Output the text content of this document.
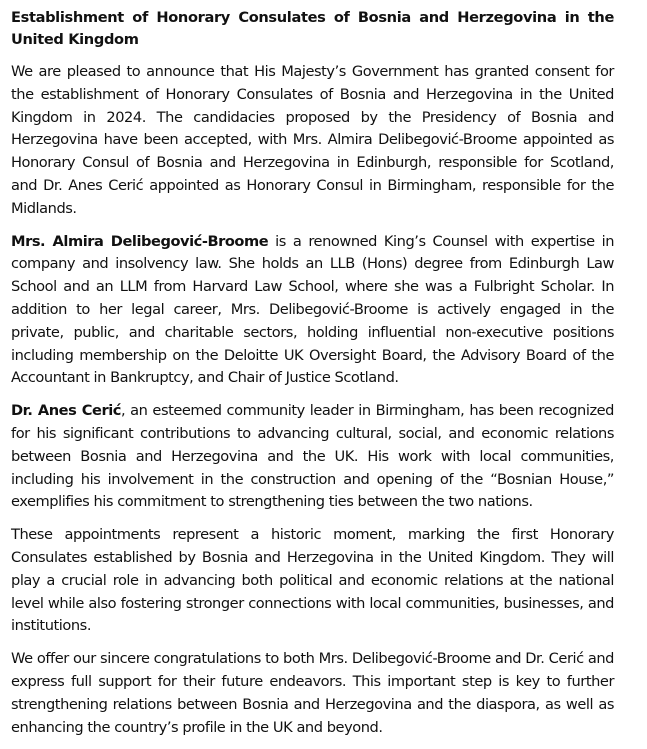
Establishment of Honorary Consulates of Bosnia and Herzegovina in the United Kingdom

We are pleased to announce that His Majesty’s Government has granted consent for the establishment of Honorary Consulates of Bosnia and Herzegovina in the United Kingdom in 2024. The candidacies proposed by the Presidency of Bosnia and Herzegovina have been accepted, with Mrs. Almira Delibegović-Broome appointed as Honorary Consul of Bosnia and Herzegovina in Edinburgh, responsible for Scotland, and Dr. Anes Cerić appointed as Honorary Consul in Birmingham, responsible for the Midlands.

Mrs. Almira Delibegović-Broome is a renowned King’s Counsel with expertise in company and insolvency law. She holds an LLB (Hons) degree from Edinburgh Law School and an LLM from Harvard Law School, where she was a Fulbright Scholar. In addition to her legal career, Mrs. Delibegović-Broome is actively engaged in the private, public, and charitable sectors, holding influential non-executive positions including membership on the Deloitte UK Oversight Board, the Advisory Board of the Accountant in Bankruptcy, and Chair of Justice Scotland.

Dr. Anes Cerić, an esteemed community leader in Birmingham, has been recognized for his significant contributions to advancing cultural, social, and economic relations between Bosnia and Herzegovina and the UK. His work with local communities, including his involvement in the construction and opening of the “Bosnian House,” exemplifies his commitment to strengthening ties between the two nations.

These appointments represent a historic moment, marking the first Honorary Consulates established by Bosnia and Herzegovina in the United Kingdom. They will play a crucial role in advancing both political and economic relations at the national level while also fostering stronger connections with local communities, businesses, and institutions.

We offer our sincere congratulations to both Mrs. Delibegović-Broome and Dr. Cerić and express full support for their future endeavors. This important step is key to further strengthening relations between Bosnia and Herzegovina and the diaspora, as well as enhancing the country’s profile in the UK and beyond.
